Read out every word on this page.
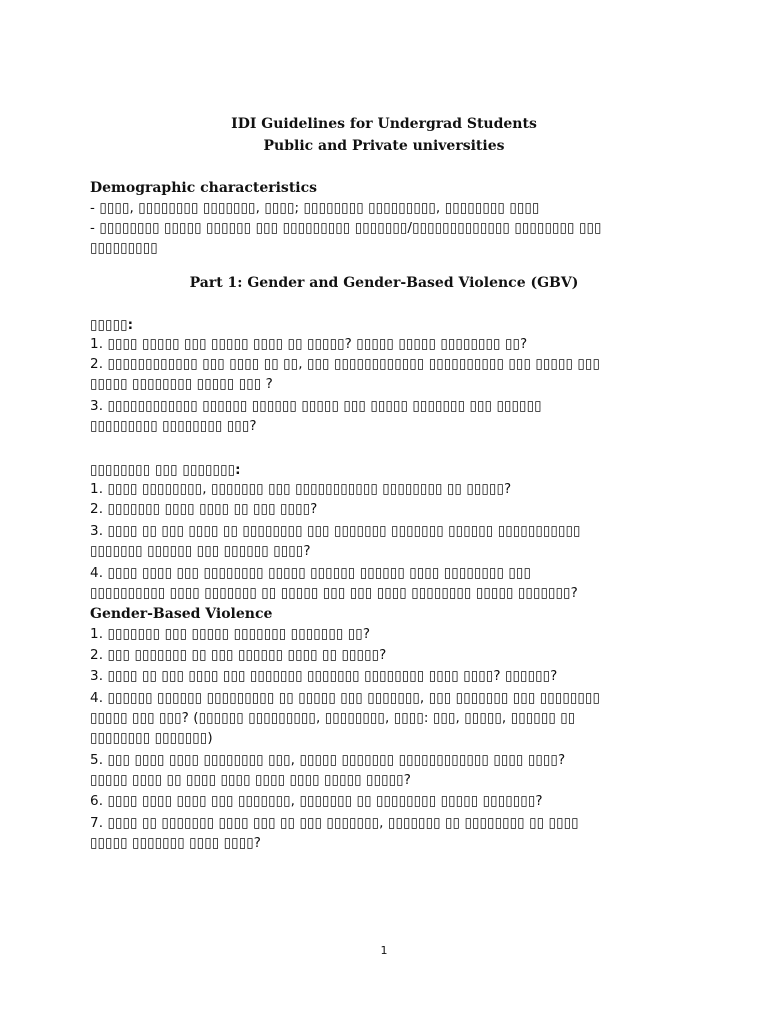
IDI Guidelines for Undergrad Students
Public and Private universities
Demographic characteristics
- ▯▯▯▯, ▯▯▯▯▯▯▯▯ ▯▯▯▯▯▯▯, ▯▯▯▯; ▯▯▯▯▯▯▯▯ ▯▯▯▯▯▯▯▯▯, ▯▯▯▯▯▯▯▯ ▯▯▯▯
- ▯▯▯▯▯▯▯▯ ▯▯▯▯▯ ▯▯▯▯▯▯ ▯▯▯ ▯▯▯▯▯▯▯▯▯ ▯▯▯▯▯▯▯/▯▯▯▯▯▯▯▯▯▯▯▯▯ ▯▯▯▯▯▯▯▯ ▯▯▯
▯▯▯▯▯▯▯▯▯
Part 1: Gender and Gender-Based Violence (GBV)
▯▯▯▯▯:
1. ▯▯▯▯ ▯▯▯▯▯ ▯▯▯ ▯▯▯▯▯ ▯▯▯▯ ▯▯ ▯▯▯▯▯? ▯▯▯▯▯ ▯▯▯▯▯ ▯▯▯▯▯▯▯▯ ▯▯?
2. ▯▯▯▯▯▯▯▯▯▯▯▯ ▯▯▯ ▯▯▯▯ ▯▯ ▯▯, ▯▯▯ ▯▯▯▯▯▯▯▯▯▯▯▯ ▯▯▯▯▯▯▯▯▯▯ ▯▯▯ ▯▯▯▯▯ ▯▯▯
▯▯▯▯▯ ▯▯▯▯▯▯▯▯ ▯▯▯▯▯ ▯▯▯ ?
3. ▯▯▯▯▯▯▯▯▯▯▯▯ ▯▯▯▯▯▯ ▯▯▯▯▯▯ ▯▯▯▯▯ ▯▯▯ ▯▯▯▯▯ ▯▯▯▯▯▯▯ ▯▯▯ ▯▯▯▯▯▯
▯▯▯▯▯▯▯▯▯ ▯▯▯▯▯▯▯▯ ▯▯▯?
▯▯▯▯▯▯▯▯ ▯▯▯ ▯▯▯▯▯▯▯:
1. ▯▯▯▯ ▯▯▯▯▯▯▯▯, ▯▯▯▯▯▯▯ ▯▯▯ ▯▯▯▯▯▯▯▯▯▯▯ ▯▯▯▯▯▯▯▯ ▯▯ ▯▯▯▯▯?
2. ▯▯▯▯▯▯▯ ▯▯▯▯ ▯▯▯▯ ▯▯ ▯▯▯ ▯▯▯▯?
3. ▯▯▯▯ ▯▯ ▯▯▯ ▯▯▯▯ ▯▯ ▯▯▯▯▯▯▯▯ ▯▯▯ ▯▯▯▯▯▯▯ ▯▯▯▯▯▯▯ ▯▯▯▯▯▯ ▯▯▯▯▯▯▯▯▯▯▯
▯▯▯▯▯▯▯ ▯▯▯▯▯▯ ▯▯▯ ▯▯▯▯▯▯ ▯▯▯▯?
4. ▯▯▯▯ ▯▯▯▯ ▯▯▯ ▯▯▯▯▯▯▯▯ ▯▯▯▯▯ ▯▯▯▯▯▯ ▯▯▯▯▯▯ ▯▯▯▯ ▯▯▯▯▯▯▯▯ ▯▯▯
▯▯▯▯▯▯▯▯▯▯ ▯▯▯▯ ▯▯▯▯▯▯▯ ▯▯ ▯▯▯▯▯ ▯▯▯ ▯▯▯ ▯▯▯▯ ▯▯▯▯▯▯▯▯ ▯▯▯▯▯ ▯▯▯▯▯▯▯?
Gender-Based Violence
1. ▯▯▯▯▯▯▯ ▯▯▯ ▯▯▯▯▯ ▯▯▯▯▯▯▯ ▯▯▯▯▯▯▯ ▯▯?
2. ▯▯▯ ▯▯▯▯▯▯▯ ▯▯ ▯▯▯ ▯▯▯▯▯▯ ▯▯▯▯ ▯▯ ▯▯▯▯▯?
3. ▯▯▯▯ ▯▯ ▯▯▯ ▯▯▯▯ ▯▯▯ ▯▯▯▯▯▯▯ ▯▯▯▯▯▯▯ ▯▯▯▯▯▯▯▯ ▯▯▯▯ ▯▯▯▯? ▯▯▯▯▯▯?
4. ▯▯▯▯▯▯ ▯▯▯▯▯▯ ▯▯▯▯▯▯▯▯▯ ▯▯ ▯▯▯▯▯ ▯▯▯ ▯▯▯▯▯▯▯, ▯▯▯ ▯▯▯▯▯▯▯ ▯▯▯ ▯▯▯▯▯▯▯▯
▯▯▯▯▯ ▯▯▯ ▯▯▯? (▯▯▯▯▯▯ ▯▯▯▯▯▯▯▯▯, ▯▯▯▯▯▯▯▯, ▯▯▯▯: ▯▯▯, ▯▯▯▯▯, ▯▯▯▯▯▯ ▯▯
▯▯▯▯▯▯▯▯ ▯▯▯▯▯▯▯)
5. ▯▯▯ ▯▯▯▯ ▯▯▯▯ ▯▯▯▯▯▯▯▯ ▯▯▯, ▯▯▯▯▯ ▯▯▯▯▯▯▯ ▯▯▯▯▯▯▯▯▯▯▯▯ ▯▯▯▯ ▯▯▯▯?
▯▯▯▯▯ ▯▯▯▯ ▯▯ ▯▯▯▯ ▯▯▯▯ ▯▯▯▯ ▯▯▯▯ ▯▯▯▯▯ ▯▯▯▯▯?
6. ▯▯▯▯ ▯▯▯▯ ▯▯▯▯ ▯▯▯ ▯▯▯▯▯▯▯, ▯▯▯▯▯▯▯ ▯▯ ▯▯▯▯▯▯▯▯ ▯▯▯▯▯ ▯▯▯▯▯▯▯?
7. ▯▯▯▯ ▯▯ ▯▯▯▯▯▯▯ ▯▯▯▯ ▯▯▯ ▯▯ ▯▯▯ ▯▯▯▯▯▯▯, ▯▯▯▯▯▯▯ ▯▯ ▯▯▯▯▯▯▯▯ ▯▯ ▯▯▯▯
▯▯▯▯▯ ▯▯▯▯▯▯▯ ▯▯▯▯ ▯▯▯▯?
1
